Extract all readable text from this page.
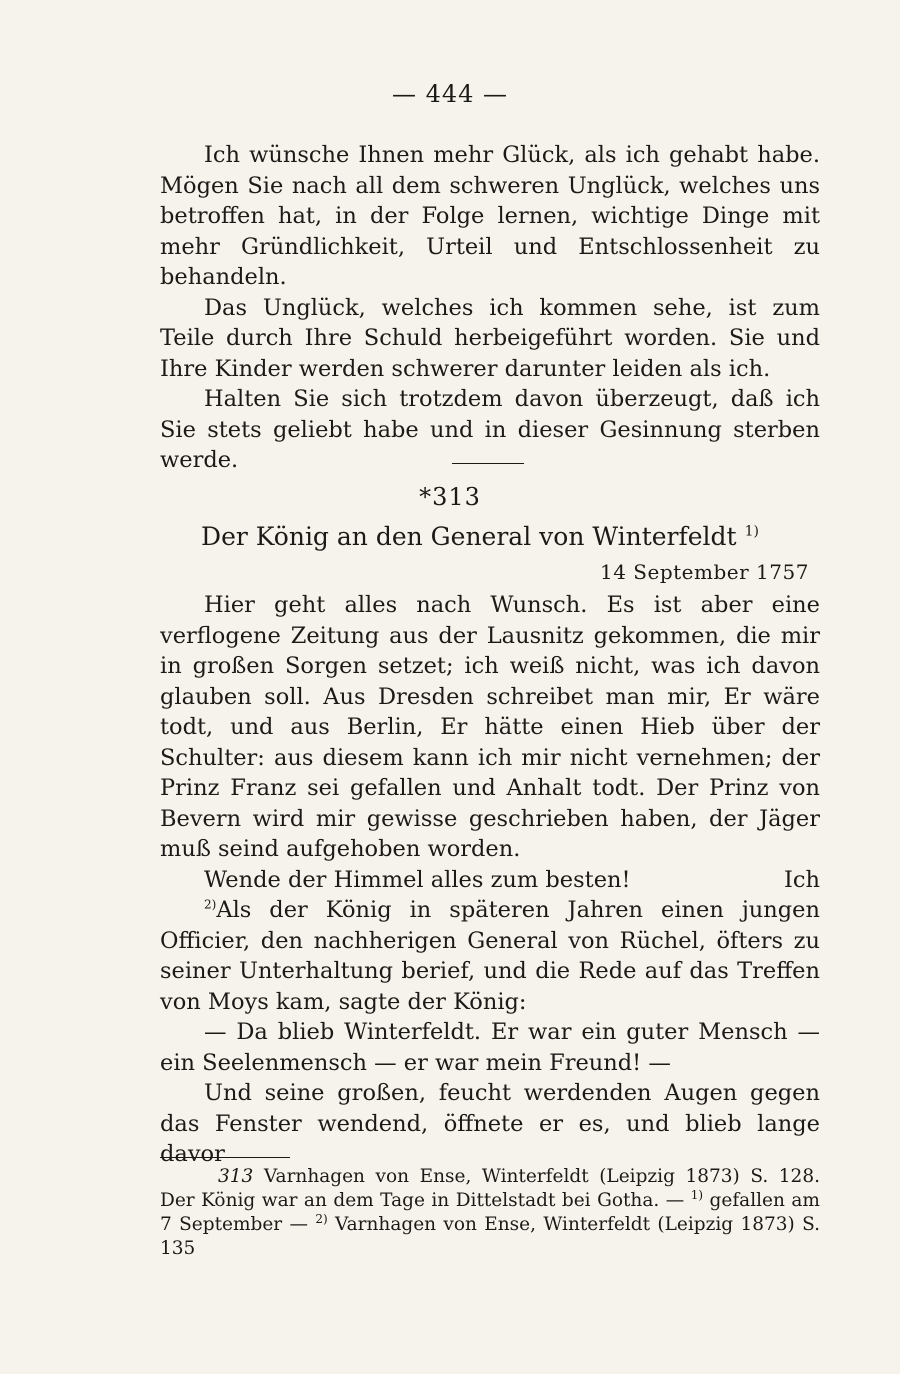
— 444 —

Ich wünsche Ihnen mehr Glück, als ich gehabt habe. Mögen Sie nach all dem schweren Unglück, welches uns betroffen hat, in der Folge lernen, wichtige Dinge mit mehr Gründlichkeit, Urteil und Entschlossenheit zu behandeln.

Das Unglück, welches ich kommen sehe, ist zum Teile durch Ihre Schuld herbeigeführt worden. Sie und Ihre Kinder werden schwerer darunter leiden als ich.

Halten Sie sich trotzdem davon überzeugt, daß ich Sie stets geliebt habe und in dieser Gesinnung sterben werde.

*313
Der König an den General von Winterfeldt $^{1)}$
14 September 1757

Hier geht alles nach Wunsch. Es ist aber eine verflogene Zeitung aus der Lausnitz gekommen, die mir in großen Sorgen setzet; ich weiß nicht, was ich davon glauben soll. Aus Dresden schreibet man mir, Er wäre todt, und aus Berlin, Er hätte einen Hieb über der Schulter: aus diesem kann ich mir nicht vernehmen; der Prinz Franz sei gefallen und Anhalt todt. Der Prinz von Bevern wird mir gewisse geschrieben haben, der Jäger muß seind aufgehoben worden.

Wende der Himmel alles zum besten!	Ich

$^{2)}$Als der König in späteren Jahren einen jungen Officier, den nachherigen General von Rüchel, öfters zu seiner Unterhaltung berief, und die Rede auf das Treffen von Moys kam, sagte der König:

— Da blieb Winterfeldt. Er war ein guter Mensch — ein Seelenmensch — er war mein Freund! —

Und seine großen, feucht werdenden Augen gegen das Fenster wendend, öffnete er es, und blieb lange davor

313 Varnhagen von Ense, Winterfeldt (Leipzig 1873) S. 128. Der König war an dem Tage in Dittelstadt bei Gotha. — $^{1)}$ gefallen am 7 September — $^{2)}$ Varnhagen von Ense, Winterfeldt (Leipzig 1873) S. 135
